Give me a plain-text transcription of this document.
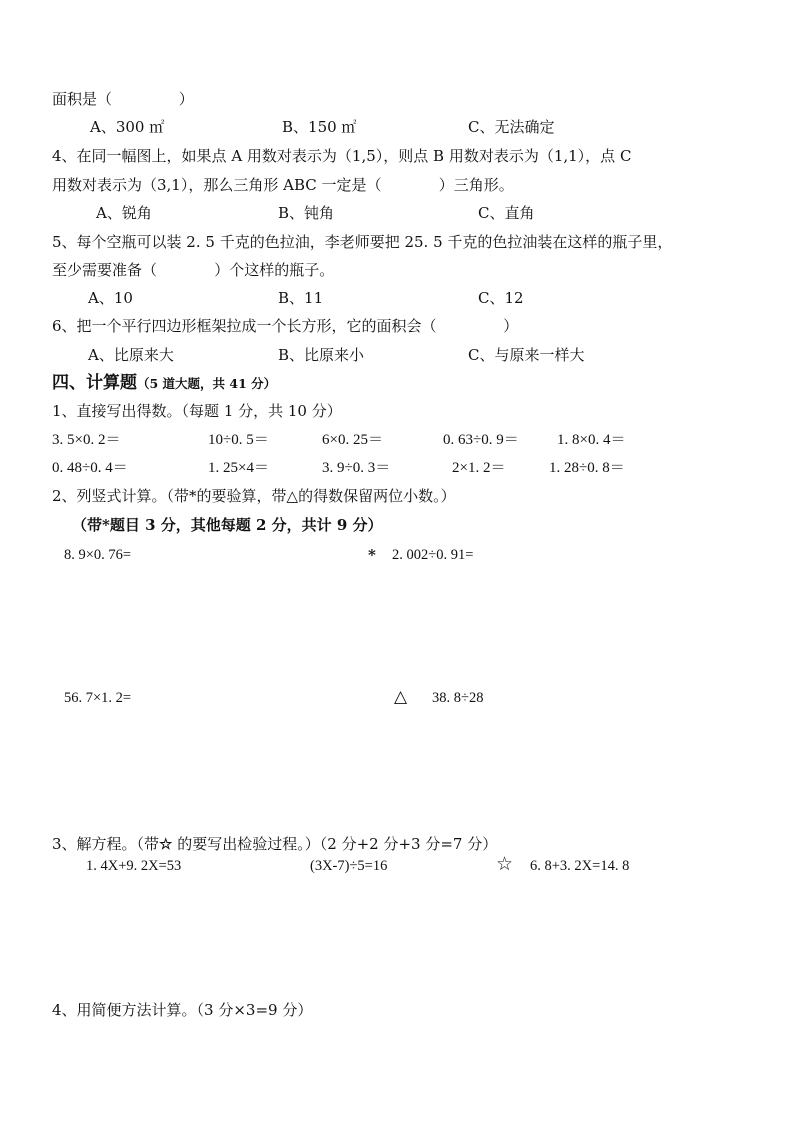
面积是（              ）
A、300 ㎡	B、150 ㎡	C、无法确定
4、在同一幅图上，如果点 A 用数对表示为（1,5），则点 B 用数对表示为（1,1），点 C
用数对表示为（3,1），那么三角形 ABC 一定是（            ）三角形。
A、锐角	B、钝角	C、直角
5、每个空瓶可以装 2. 5 千克的色拉油，李老师要把 25. 5 千克的色拉油装在这样的瓶子里，
至少需要准备（            ）个这样的瓶子。
A、10	B、11	C、12
6、把一个平行四边形框架拉成一个长方形，它的面积会（              ）
A、比原来大	B、比原来小	C、与原来一样大
四、计算题（5 道大题，共 41 分）
1、直接写出得数。（每题 1 分，共 10 分）
3. 5×0. 2＝	10÷0. 5＝	6×0. 25＝	0. 63÷0. 9＝	1. 8×0. 4＝
0. 48÷0. 4＝	1. 25×4＝	3. 9÷0. 3＝	2×1. 2＝	1. 28÷0. 8＝
2、列竖式计算。（带*的要验算，带△的得数保留两位小数。）
（带*题目 3 分，其他每题 2 分，共计 9 分）
8. 9×0. 76=	* 2. 002÷0. 91=
56. 7×1. 2=	△ 38. 8÷28
3、解方程。（带☆ 的要写出检验过程。）（2 分+2 分+3 分=7 分）
1. 4X+9. 2X=53	(3X-7)÷5=16	☆ 6. 8+3. 2X=14. 8
4、用简便方法计算。（3 分×3=9 分）
